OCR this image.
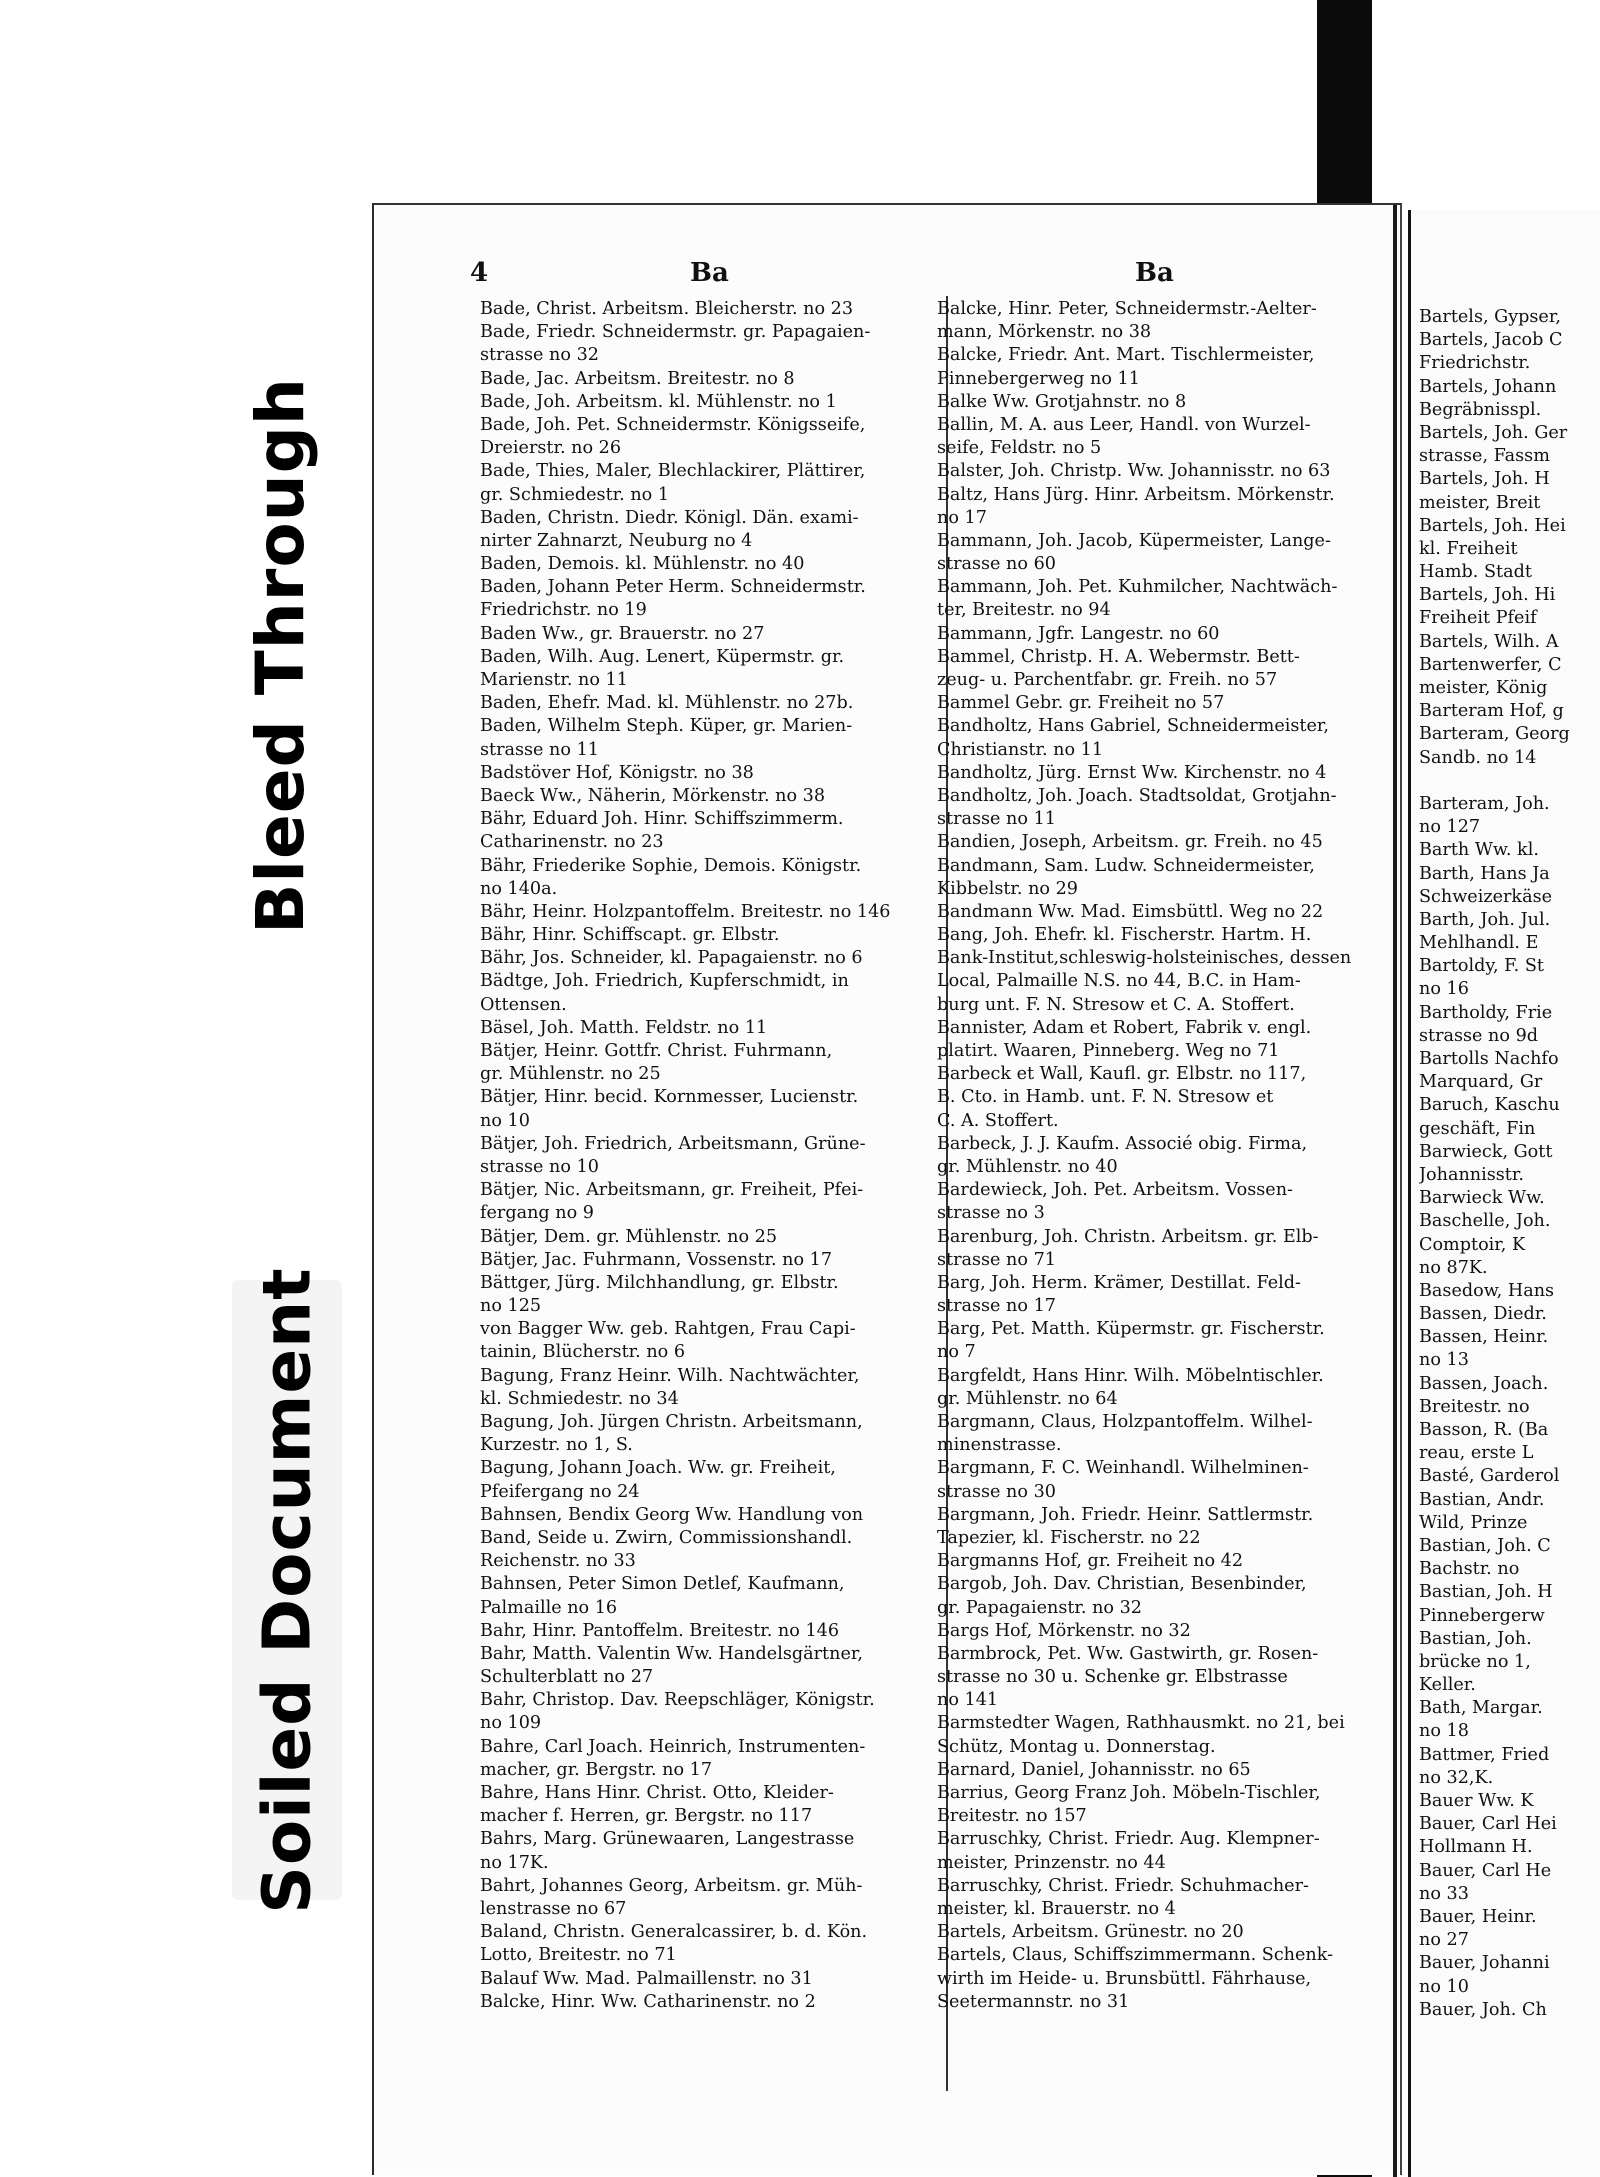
Bleed Through
Soiled Document
Bartels, Gypser,
Bartels, Jacob C
Friedrichstr.
Bartels, Johann
Begräbnisspl.
Bartels, Joh. Ger
strasse, Fassm
Bartels, Joh. H
meister, Breit
Bartels, Joh. Hei
kl. Freiheit
Hamb. Stadt
Bartels, Joh. Hi
Freiheit Pfeif
Bartels, Wilh. A
Bartenwerfer, C
meister, König
Barteram Hof, g
Barteram, Georg
Sandb. no 14
Barteram, Joh.
no 127
Barth Ww. kl.
Barth, Hans Ja
Schweizerkäse
Barth, Joh. Jul.
Mehlhandl. E
Bartoldy, F. St
no 16
Bartholdy, Frie
strasse no 9d
Bartolls Nachfo
Marquard, Gr
Baruch, Kaschu
geschäft, Fin
Barwieck, Gott
Johannisstr.
Barwieck Ww.
Baschelle, Joh.
Comptoir, K
no 87K.
Basedow, Hans
Bassen, Diedr.
Bassen, Heinr.
no 13
Bassen, Joach.
Breitestr. no
Basson, R. (Ba
reau, erste L
Basté, Garderol
Bastian, Andr.
Wild, Prinze
Bastian, Joh. C
Bachstr. no
Bastian, Joh. H
Pinnebergerw
Bastian, Joh.
brücke no 1,
Keller.
Bath, Margar.
no 18
Battmer, Fried
no 32,K.
Bauer Ww. K
Bauer, Carl Hei
Hollmann H.
Bauer, Carl He
no 33
Bauer, Heinr.
no 27
Bauer, Johanni
no 10
Bauer, Joh. Ch
4	Ba	Ba
Bade, Christ. Arbeitsm. Bleicherstr. no 23
Bade, Friedr. Schneidermstr. gr. Papagaien-
strasse no 32
Bade, Jac. Arbeitsm. Breitestr. no 8
Bade, Joh. Arbeitsm. kl. Mühlenstr. no 1
Bade, Joh. Pet. Schneidermstr. Königsseife,
Dreierstr. no 26
Bade, Thies, Maler, Blechlackirer, Plättirer,
gr. Schmiedestr. no 1
Baden, Christn. Diedr. Königl. Dän. exami-
nirter Zahnarzt, Neuburg no 4
Baden, Demois. kl. Mühlenstr. no 40
Baden, Johann Peter Herm. Schneidermstr.
Friedrichstr. no 19
Baden Ww., gr. Brauerstr. no 27
Baden, Wilh. Aug. Lenert, Küpermstr. gr.
Marienstr. no 11
Baden, Ehefr. Mad. kl. Mühlenstr. no 27b.
Baden, Wilhelm Steph. Küper, gr. Marien-
strasse no 11
Badstöver Hof, Königstr. no 38
Baeck Ww., Näherin, Mörkenstr. no 38
Bähr, Eduard Joh. Hinr. Schiffszimmerm.
Catharinenstr. no 23
Bähr, Friederike Sophie, Demois. Königstr.
no 140a.
Bähr, Heinr. Holzpantoffelm. Breitestr. no 146
Bähr, Hinr. Schiffscapt. gr. Elbstr.
Bähr, Jos. Schneider, kl. Papagaienstr. no 6
Bädtge, Joh. Friedrich, Kupferschmidt, in
Ottensen.
Bäsel, Joh. Matth. Feldstr. no 11
Bätjer, Heinr. Gottfr. Christ. Fuhrmann,
gr. Mühlenstr. no 25
Bätjer, Hinr. becid. Kornmesser, Lucienstr.
no 10
Bätjer, Joh. Friedrich, Arbeitsmann, Grüne-
strasse no 10
Bätjer, Nic. Arbeitsmann, gr. Freiheit, Pfei-
fergang no 9
Bätjer, Dem. gr. Mühlenstr. no 25
Bätjer, Jac. Fuhrmann, Vossenstr. no 17
Bättger, Jürg. Milchhandlung, gr. Elbstr.
no 125
von Bagger Ww. geb. Rahtgen, Frau Capi-
tainin, Blücherstr. no 6
Bagung, Franz Heinr. Wilh. Nachtwächter,
kl. Schmiedestr. no 34
Bagung, Joh. Jürgen Christn. Arbeitsmann,
Kurzestr. no 1, S.
Bagung, Johann Joach. Ww. gr. Freiheit,
Pfeifergang no 24
Bahnsen, Bendix Georg Ww. Handlung von
Band, Seide u. Zwirn, Commissionshandl.
Reichenstr. no 33
Bahnsen, Peter Simon Detlef, Kaufmann,
Palmaille no 16
Bahr, Hinr. Pantoffelm. Breitestr. no 146
Bahr, Matth. Valentin Ww. Handelsgärtner,
Schulterblatt no 27
Bahr, Christop. Dav. Reepschläger, Königstr.
no 109
Bahre, Carl Joach. Heinrich, Instrumenten-
macher, gr. Bergstr. no 17
Bahre, Hans Hinr. Christ. Otto, Kleider-
macher f. Herren, gr. Bergstr. no 117
Bahrs, Marg. Grünewaaren, Langestrasse
no 17K.
Bahrt, Johannes Georg, Arbeitsm. gr. Müh-
lenstrasse no 67
Baland, Christn. Generalcassirer, b. d. Kön.
Lotto, Breitestr. no 71
Balauf Ww. Mad. Palmaillenstr. no 31
Balcke, Hinr. Ww. Catharinenstr. no 2
Balcke, Hinr. Peter, Schneidermstr.-Aelter-
mann, Mörkenstr. no 38
Balcke, Friedr. Ant. Mart. Tischlermeister,
Pinnebergerweg no 11
Balke Ww. Grotjahnstr. no 8
Ballin, M. A. aus Leer, Handl. von Wurzel-
seife, Feldstr. no 5
Balster, Joh. Christp. Ww. Johannisstr. no 63
Baltz, Hans Jürg. Hinr. Arbeitsm. Mörkenstr.
no 17
Bammann, Joh. Jacob, Küpermeister, Lange-
strasse no 60
Bammann, Joh. Pet. Kuhmilcher, Nachtwäch-
ter, Breitestr. no 94
Bammann, Jgfr. Langestr. no 60
Bammel, Christp. H. A. Webermstr. Bett-
zeug- u. Parchentfabr. gr. Freih. no 57
Bammel Gebr. gr. Freiheit no 57
Bandholtz, Hans Gabriel, Schneidermeister,
Christianstr. no 11
Bandholtz, Jürg. Ernst Ww. Kirchenstr. no 4
Bandholtz, Joh. Joach. Stadtsoldat, Grotjahn-
strasse no 11
Bandien, Joseph, Arbeitsm. gr. Freih. no 45
Bandmann, Sam. Ludw. Schneidermeister,
Kibbelstr. no 29
Bandmann Ww. Mad. Eimsbüttl. Weg no 22
Bang, Joh. Ehefr. kl. Fischerstr. Hartm. H.
Bank-Institut,schleswig-holsteinisches, dessen
Local, Palmaille N.S. no 44, B.C. in Ham-
burg unt. F. N. Stresow et C. A. Stoffert.
Bannister, Adam et Robert, Fabrik v. engl.
platirt. Waaren, Pinneberg. Weg no 71
Barbeck et Wall, Kaufl. gr. Elbstr. no 117,
B. Cto. in Hamb. unt. F. N. Stresow et
C. A. Stoffert.
Barbeck, J. J. Kaufm. Associé obig. Firma,
gr. Mühlenstr. no 40
Bardewieck, Joh. Pet. Arbeitsm. Vossen-
strasse no 3
Barenburg, Joh. Christn. Arbeitsm. gr. Elb-
strasse no 71
Barg, Joh. Herm. Krämer, Destillat. Feld-
strasse no 17
Barg, Pet. Matth. Küpermstr. gr. Fischerstr.
no 7
Bargfeldt, Hans Hinr. Wilh. Möbelntischler.
gr. Mühlenstr. no 64
Bargmann, Claus, Holzpantoffelm. Wilhel-
minenstrasse.
Bargmann, F. C. Weinhandl. Wilhelminen-
strasse no 30
Bargmann, Joh. Friedr. Heinr. Sattlermstr.
Tapezier, kl. Fischerstr. no 22
Bargmanns Hof, gr. Freiheit no 42
Bargob, Joh. Dav. Christian, Besenbinder,
gr. Papagaienstr. no 32
Bargs Hof, Mörkenstr. no 32
Barmbrock, Pet. Ww. Gastwirth, gr. Rosen-
strasse no 30 u. Schenke gr. Elbstrasse
no 141
Barmstedter Wagen, Rathhausmkt. no 21, bei
Schütz, Montag u. Donnerstag.
Barnard, Daniel, Johannisstr. no 65
Barrius, Georg Franz Joh. Möbeln-Tischler,
Breitestr. no 157
Barruschky, Christ. Friedr. Aug. Klempner-
meister, Prinzenstr. no 44
Barruschky, Christ. Friedr. Schuhmacher-
meister, kl. Brauerstr. no 4
Bartels, Arbeitsm. Grünestr. no 20
Bartels, Claus, Schiffszimmermann. Schenk-
wirth im Heide- u. Brunsbüttl. Fährhause,
Seetermannstr. no 31
